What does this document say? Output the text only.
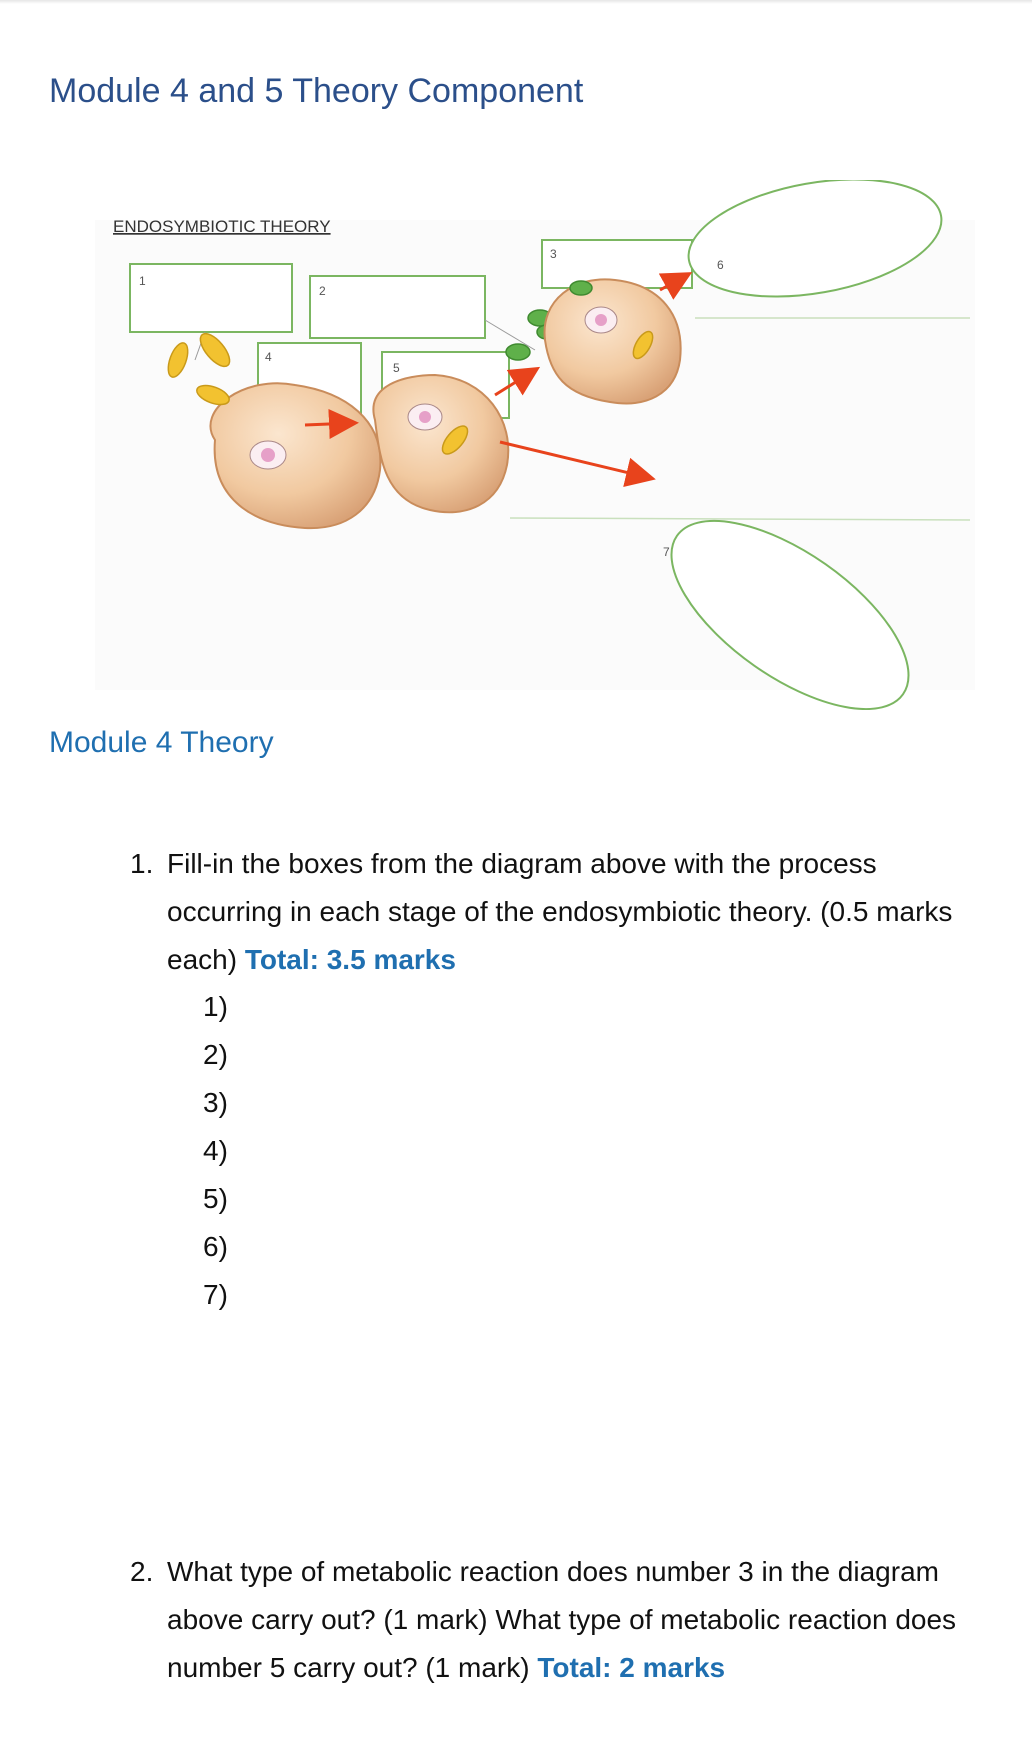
Module 4 and 5 Theory Component
ENDOSYMBIOTIC THEORY
1
2
3
4
5
6
7
Module 4 Theory
1. Fill-in the boxes from the diagram above with the process occurring in each stage of the endosymbiotic theory. (0.5 marks each) Total: 3.5 marks
1)
2)
3)
4)
5)
6)
7)
2. What type of metabolic reaction does number 3 in the diagram above carry out? (1 mark) What type of metabolic reaction does number 5 carry out? (1 mark) Total: 2 marks
